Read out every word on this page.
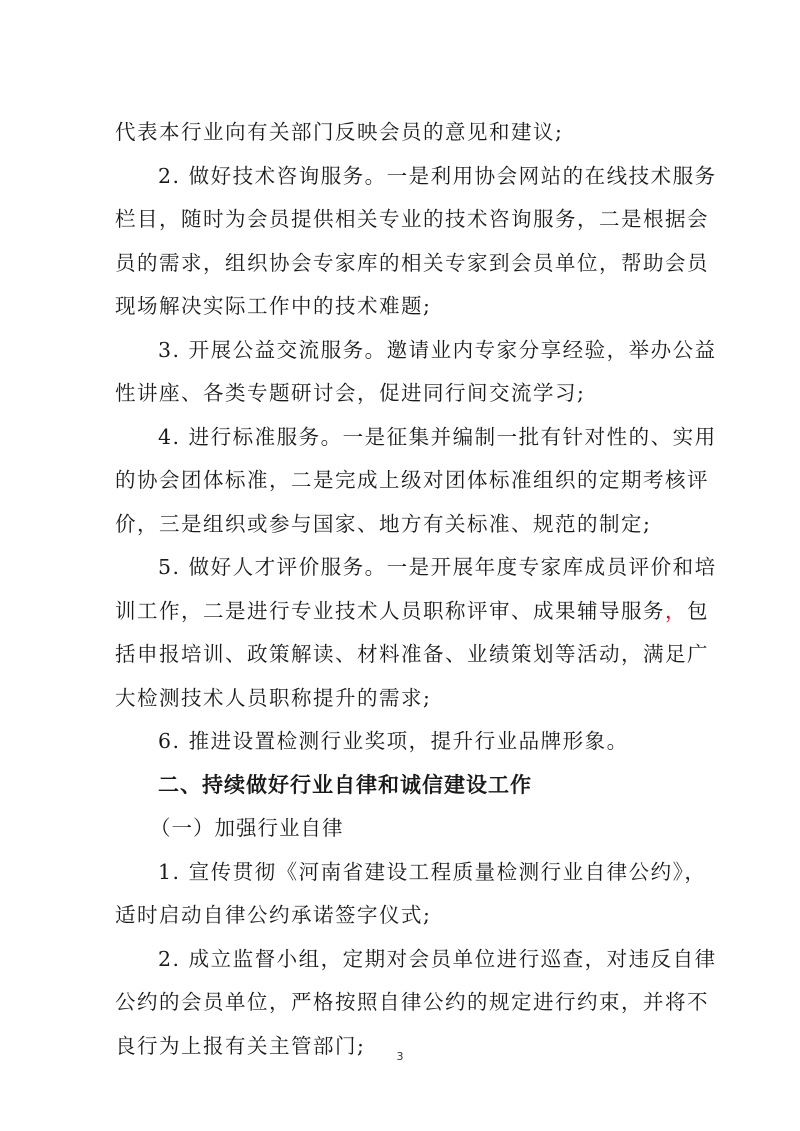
代表本行业向有关部门反映会员的意见和建议;
2. 做好技术咨询服务。一是利用协会网站的在线技术服务
栏目，随时为会员提供相关专业的技术咨询服务，二是根据会
员的需求，组织协会专家库的相关专家到会员单位，帮助会员
现场解决实际工作中的技术难题;
3. 开展公益交流服务。邀请业内专家分享经验，举办公益
性讲座、各类专题研讨会，促进同行间交流学习;
4. 进行标准服务。一是征集并编制一批有针对性的、实用
的协会团体标准，二是完成上级对团体标准组织的定期考核评
价，三是组织或参与国家、地方有关标准、规范的制定;
5. 做好人才评价服务。一是开展年度专家库成员评价和培
训工作，二是进行专业技术人员职称评审、成果辅导服务，包
括申报培训、政策解读、材料准备、业绩策划等活动，满足广
大检测技术人员职称提升的需求;
6. 推进设置检测行业奖项，提升行业品牌形象。
二、持续做好行业自律和诚信建设工作
（一）加强行业自律
1. 宣传贯彻《河南省建设工程质量检测行业自律公约》，
适时启动自律公约承诺签字仪式;
2. 成立监督小组，定期对会员单位进行巡查，对违反自律
公约的会员单位，严格按照自律公约的规定进行约束，并将不
良行为上报有关主管部门;	3
